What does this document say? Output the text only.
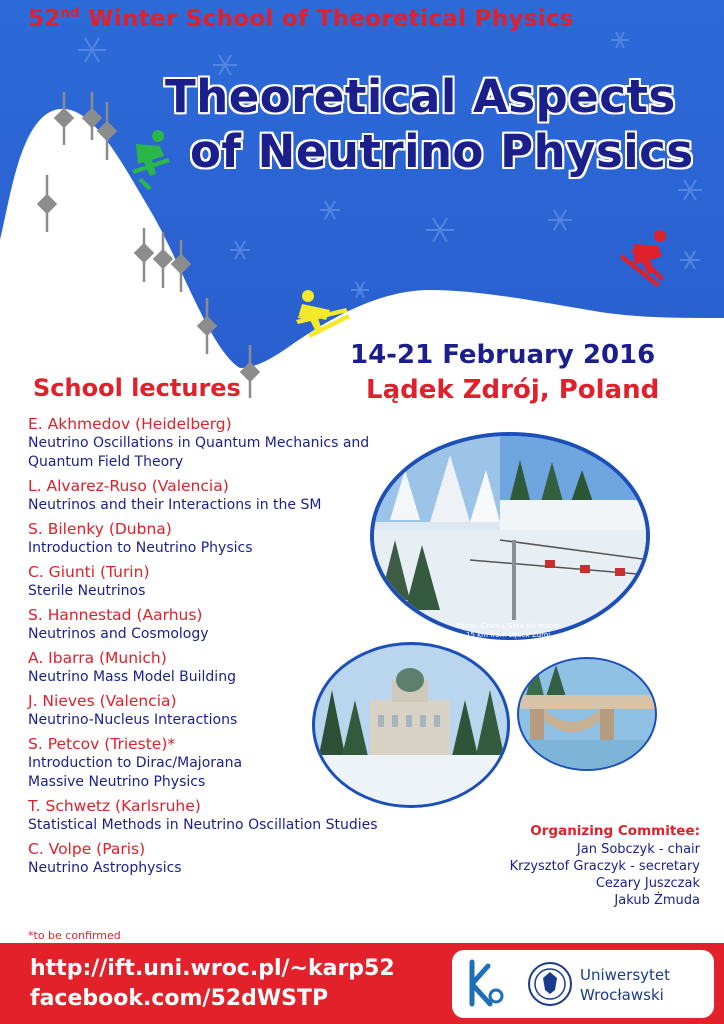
Photo: Czarna Góra ski resort
15 km from Lądek Zdrój
52nd Winter School of Theoretical Physics
Theoretical Aspects
of Neutrino Physics
14-21 February 2016
Lądek Zdrój, Poland
School lectures
E. Akhmedov (Heidelberg)
Neutrino Oscillations in Quantum Mechanics and Quantum Field Theory
L. Alvarez-Ruso (Valencia)
Neutrinos and their Interactions in the SM
S. Bilenky (Dubna)
Introduction to Neutrino Physics
C. Giunti (Turin)
Sterile Neutrinos
S. Hannestad (Aarhus)
Neutrinos and Cosmology
A. Ibarra (Munich)
Neutrino Mass Model Building
J. Nieves (Valencia)
Neutrino-Nucleus Interactions
S. Petcov (Trieste)*
Introduction to Dirac/Majorana Massive Neutrino Physics
T. Schwetz (Karlsruhe)
Statistical Methods in Neutrino Oscillation Studies
C. Volpe (Paris)
Neutrino Astrophysics
*to be confirmed
Organizing Commitee:
Jan Sobczyk - chair
Krzysztof Graczyk - secretary
Cezary Juszczak
Jakub Żmuda
http://ift.uni.wroc.pl/~karp52
facebook.com/52dWSTP
Uniwersytet
Wrocławski
